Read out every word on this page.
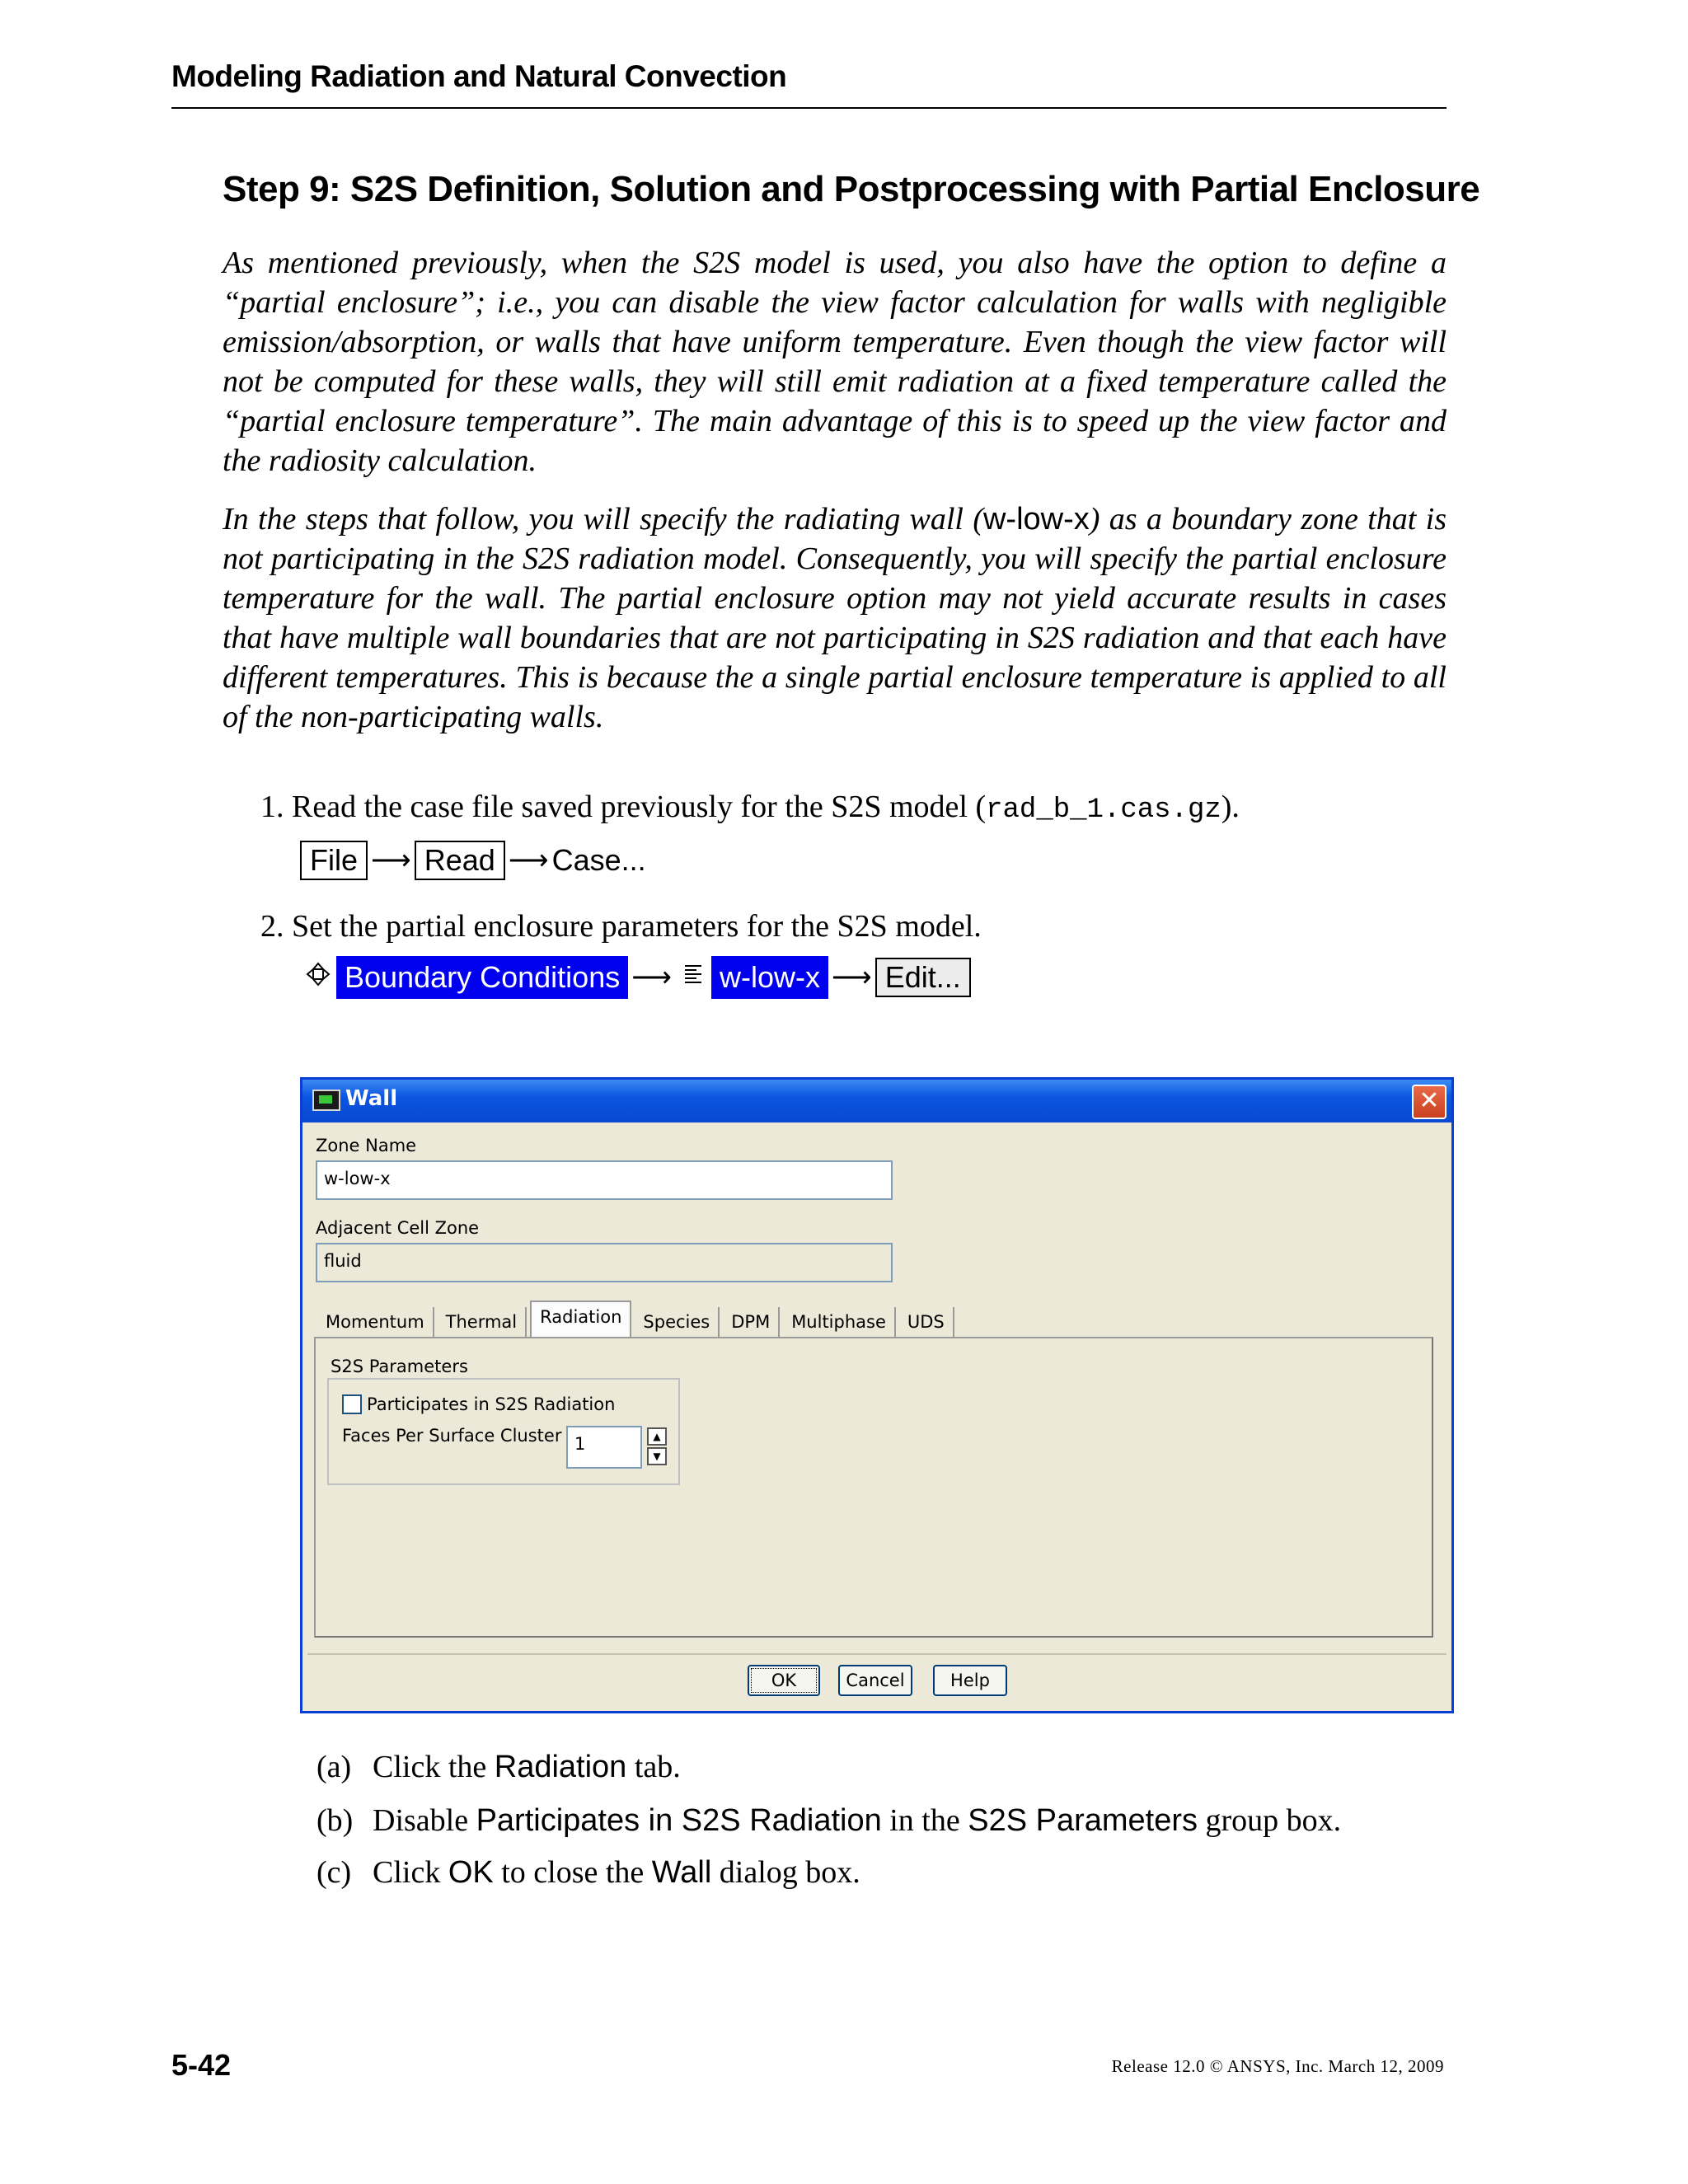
Modeling Radiation and Natural Convection
Step 9: S2S Definition, Solution and Postprocessing with Partial Enclosure
As mentioned previously, when the S2S model is used, you also have the option to define a “partial enclosure”; i.e., you can disable the view factor calculation for walls with negligible emission/absorption, or walls that have uniform temperature. Even though the view factor will not be computed for these walls, they will still emit radiation at a fixed temperature called the “partial enclosure temperature”. The main advantage of this is to speed up the view factor and the radiosity calculation.
In the steps that follow, you will specify the radiating wall (w-low-x) as a boundary zone that is not participating in the S2S radiation model. Consequently, you will specify the partial enclosure temperature for the wall. The partial enclosure option may not yield accurate results in cases that have multiple wall boundaries that are not participating in S2S radiation and that each have different temperatures. This is because the a single partial enclosure temperature is applied to all of the non-participating walls.
1. Read the case file saved previously for the S2S model (rad_b_1.cas.gz).
File ⟶ Read ⟶ Case...
2. Set the partial enclosure parameters for the S2S model.
Boundary Conditions ⟶ w-low-x ⟶ Edit...
Wall	✕
Zone Name
w-low-x
Adjacent Cell Zone
fluid
Momentum	Thermal	Radiation	Species	DPM	Multiphase	UDS
S2S Parameters
Participates in S2S Radiation
Faces Per Surface Cluster 1	▲
▼
OK	Cancel	Help
(a) Click the Radiation tab.
(b) Disable Participates in S2S Radiation in the S2S Parameters group box.
(c) Click OK to close the Wall dialog box.
5-42	Release 12.0 © ANSYS, Inc. March 12, 2009
